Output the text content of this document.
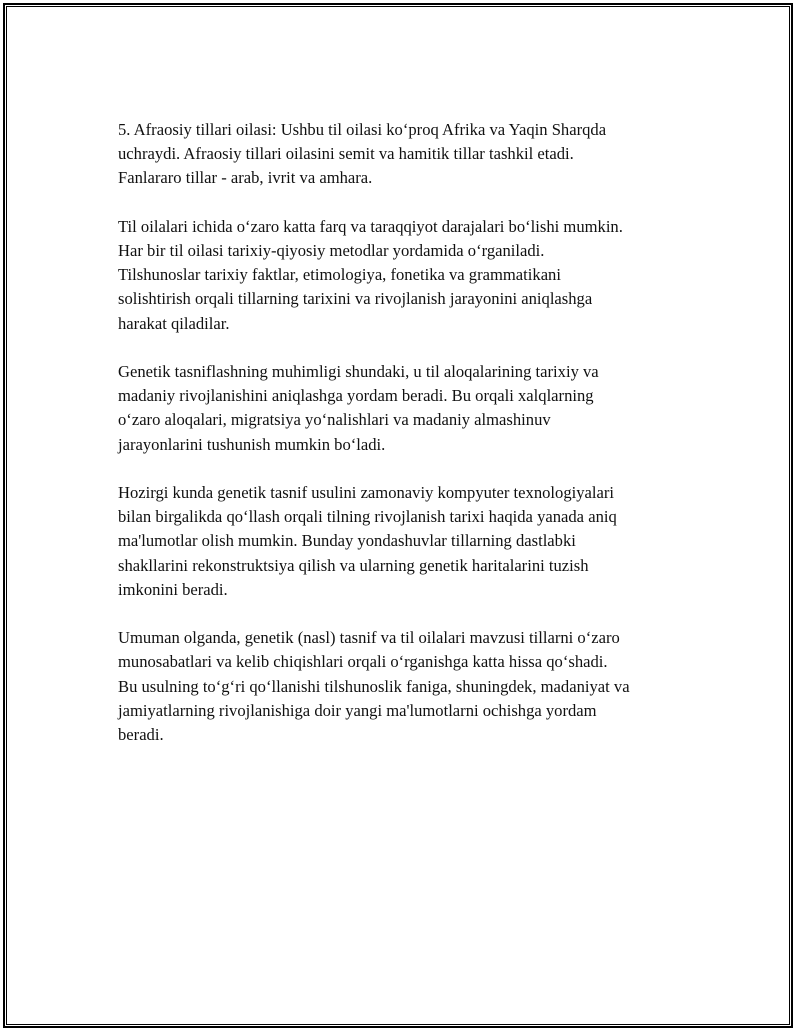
5. Afraosiy tillari oilasi: Ushbu til oilasi koʻproq Afrika va Yaqin Sharqda
uchraydi. Afraosiy tillari oilasini semit va hamitik tillar tashkil etadi.
Fanlararo tillar - arab, ivrit va amhara.

Til oilalari ichida oʻzaro katta farq va taraqqiyot darajalari boʻlishi mumkin.
Har bir til oilasi tarixiy-qiyosiy metodlar yordamida oʻrganiladi.
Tilshunoslar tarixiy faktlar, etimologiya, fonetika va grammatikani
solishtirish orqali tillarning tarixini va rivojlanish jarayonini aniqlashga
harakat qiladilar.

Genetik tasniflashning muhimligi shundaki, u til aloqalarining tarixiy va
madaniy rivojlanishini aniqlashga yordam beradi. Bu orqali xalqlarning
oʻzaro aloqalari, migratsiya yoʻnalishlari va madaniy almashinuv
jarayonlarini tushunish mumkin boʻladi.

Hozirgi kunda genetik tasnif usulini zamonaviy kompyuter texnologiyalari
bilan birgalikda qoʻllash orqali tilning rivojlanish tarixi haqida yanada aniq
ma'lumotlar olish mumkin. Bunday yondashuvlar tillarning dastlabki
shakllarini rekonstruktsiya qilish va ularning genetik haritalarini tuzish
imkonini beradi.

Umuman olganda, genetik (nasl) tasnif va til oilalari mavzusi tillarni oʻzaro
munosabatlari va kelib chiqishlari orqali oʻrganishga katta hissa qoʻshadi.
Bu usulning toʻgʻri qoʻllanishi tilshunoslik faniga, shuningdek, madaniyat va
jamiyatlarning rivojlanishiga doir yangi ma'lumotlarni ochishga yordam
beradi.
